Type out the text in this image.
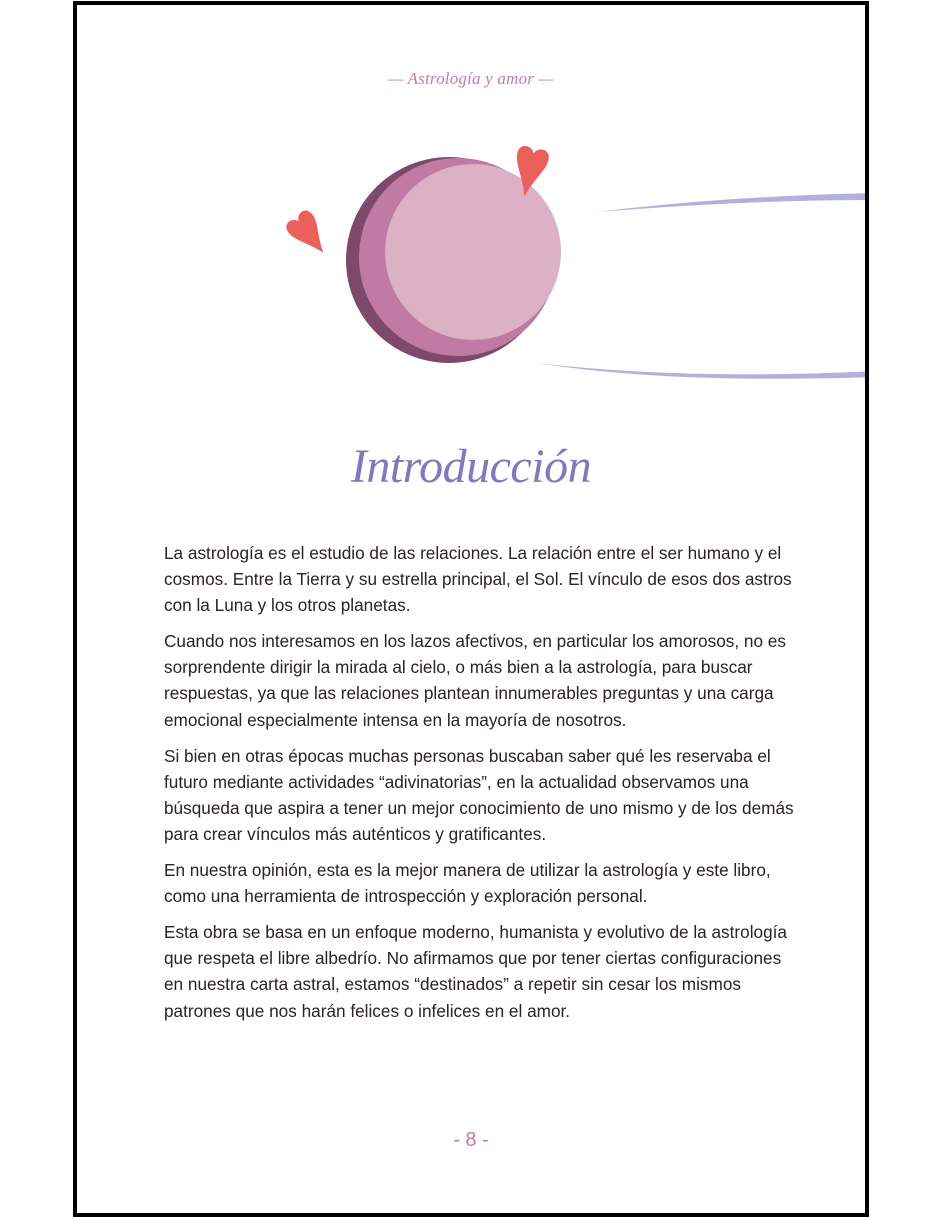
— Astrología y amor —
Introducción

La astrología es el estudio de las relaciones. La relación entre el ser humano y el cosmos. Entre la Tierra y su estrella principal, el Sol. El vínculo de esos dos astros con la Luna y los otros planetas.

Cuando nos interesamos en los lazos afectivos, en particular los amorosos, no es sorprendente dirigir la mirada al cielo, o más bien a la astrología, para buscar respuestas, ya que las relaciones plantean innumerables preguntas y una carga emocional especialmente intensa en la mayoría de nosotros.

Si bien en otras épocas muchas personas buscaban saber qué les reservaba el futuro mediante actividades “adivinatorias”, en la actualidad observamos una búsqueda que aspira a tener un mejor conocimiento de uno mismo y de los demás para crear vínculos más auténticos y gratificantes.

En nuestra opinión, esta es la mejor manera de utilizar la astrología y este libro, como una herramienta de introspección y exploración personal.

Esta obra se basa en un enfoque moderno, humanista y evolutivo de la astrología que respeta el libre albedrío. No afirmamos que por tener ciertas configuraciones en nuestra carta astral, estamos “destinados” a repetir sin cesar los mismos patrones que nos harán felices o infelices en el amor.

- 8 -
